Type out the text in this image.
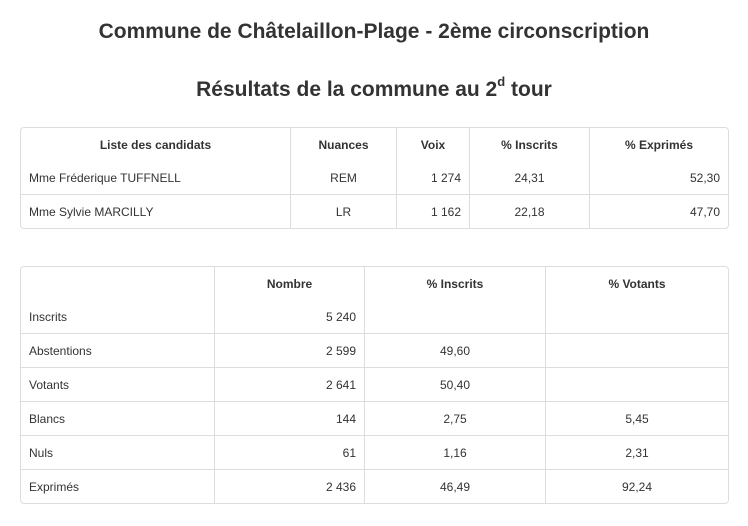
Commune de Châtelaillon-Plage - 2ème circonscription
Résultats de la commune au 2$^d$ tour
Liste des candidats	Nuances	Voix	% Inscrits	% Exprimés
Mme Fréderique TUFFNELL	REM	1 274	24,31	52,30
Mme Sylvie MARCILLY	LR	1 162	22,18	47,70
	Nombre	% Inscrits	% Votants
Inscrits	5 240		
Abstentions	2 599	49,60	
Votants	2 641	50,40	
Blancs	144	2,75	5,45
Nuls	61	1,16	2,31
Exprimés	2 436	46,49	92,24
